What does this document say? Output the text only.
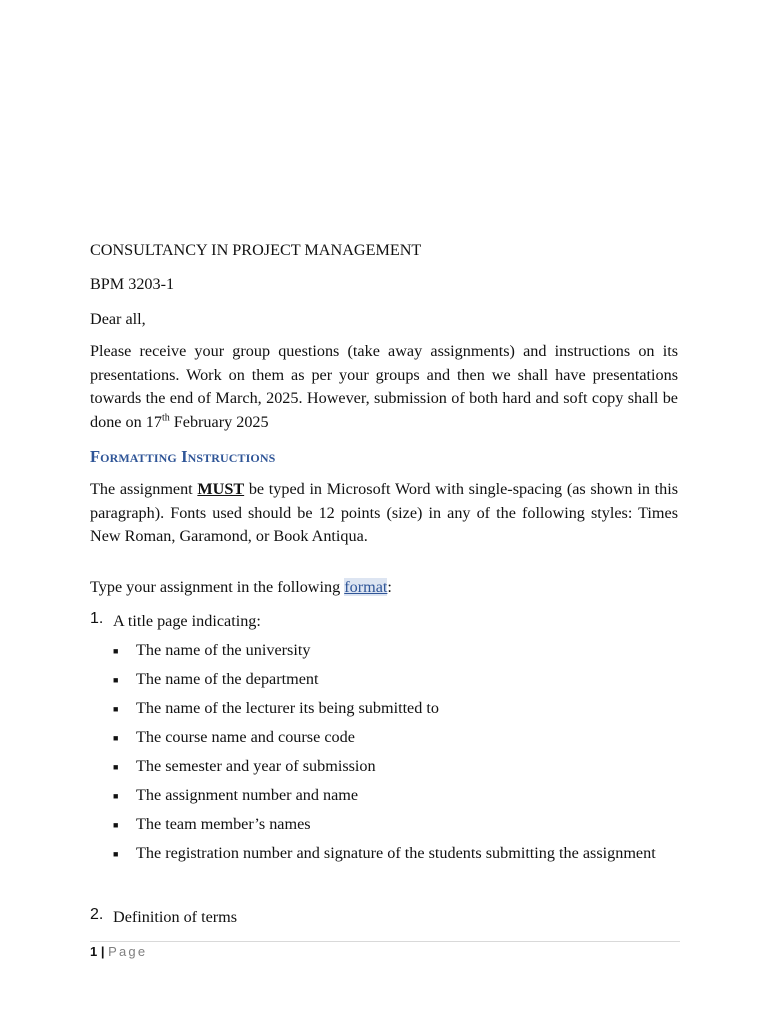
CONSULTANCY IN PROJECT MANAGEMENT
BPM 3203-1
Dear all,
Please receive your group questions (take away assignments) and instructions on its presentations. Work on them as per your groups and then we shall have presentations towards the end of March, 2025. However, submission of both hard and soft copy shall be done on 17th February 2025
Formatting Instructions
The assignment MUST be typed in Microsoft Word with single-spacing (as shown in this paragraph). Fonts used should be 12 points (size) in any of the following styles: Times New Roman, Garamond, or Book Antiqua.
Type your assignment in the following format:
1. A title page indicating:
■ The name of the university
■ The name of the department
■ The name of the lecturer its being submitted to
■ The course name and course code
■ The semester and year of submission
■ The assignment number and name
■ The team member’s names
■ The registration number and signature of the students submitting the assignment
2. Definition of terms
1 | Page
